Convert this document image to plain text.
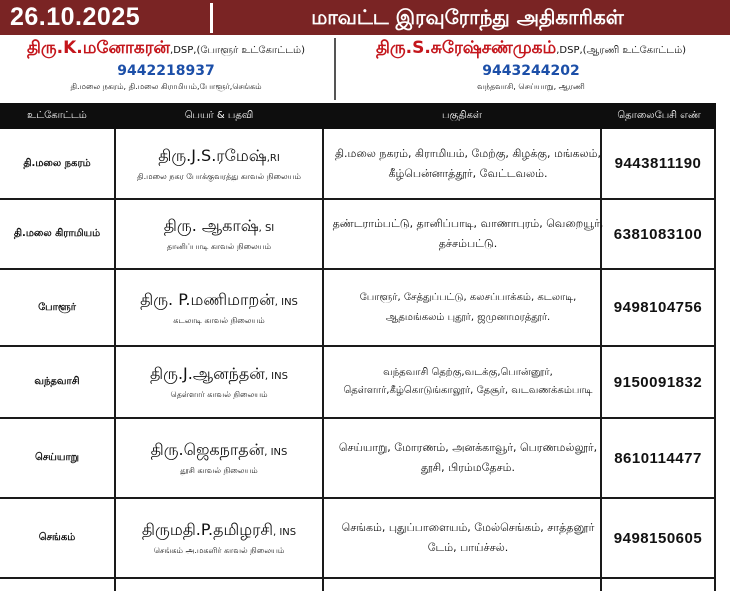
26.10.2025	மாவட்ட இரவுரோந்து அதிகாரிகள்
திரு.K.மனோகரன்,DSP,(போளூர் உட்கோட்டம்)
9442218937
தி.மலை நகரம், தி.மலை கிராமியம்,போளூர்,செங்கம்
திரு.S.சுரேஷ்சண்முகம்,DSP,(ஆரணி உட்கோட்டம்)
9443244202
வந்தவாசி, செய்யாறு, ஆரணி
உட்கோட்டம்	பெயர் & பதவி	பகுதிகள்	தொலைபேசி எண்
தி.மலை நகரம்	திரு.J.S.ரமேஷ்,RI
தி.மலை நகர போக்குவரத்து காவல் நிலையம்
தி.மலை நகரம், கிராமியம், மேற்கு, கிழக்கு, மங்கலம், கீழ்பென்னாத்தூர், வேட்டவலம்.
9443811190
தி.மலை கிராமியம்	திரு. ஆகாஷ், SI
தானிப்பாடி காவல் நிலையம்
தண்டராம்பட்டு, தானிப்பாடி, வாணாபுரம், வெறையூர், தச்சம்பட்டு.
6381083100
போளூர்	திரு. P.மணிமாறன், INS
கடலாடி காவல் நிலையம்
போளூர், சேத்துப்பட்டு, கலசப்பாக்கம், கடலாடி, ஆதமங்கலம் புதூர், ஜமுனாமரத்தூர்.
9498104756
வந்தவாசி	திரு.J.ஆனந்தன், INS
தெள்ளார் காவல் நிலையம்
வந்தவாசி தெற்கு,வடக்கு,பொன்னூர், தெள்ளார்,கீழ்கொடுங்காலூர், தேசூர், வடவணக்கம்பாடி	9150091832
செய்யாறு	திரு.ஜெகநாதன், INS
தூசி காவல் நிலையம்
செய்யாறு, மோரணம், அனக்காவூர், பெரணமல்லூர், தூசி, பிரம்மதேசம்.
8610114477
செங்கம்	திருமதி.P.தமிழரசி, INS
செங்கம் அ.மகளிர் காவல் நிலையம்
செங்கம், புதுப்பாளையம், மேல்செங்கம், சாத்தனூர் டேம், பாய்ச்சல்.
9498150605
